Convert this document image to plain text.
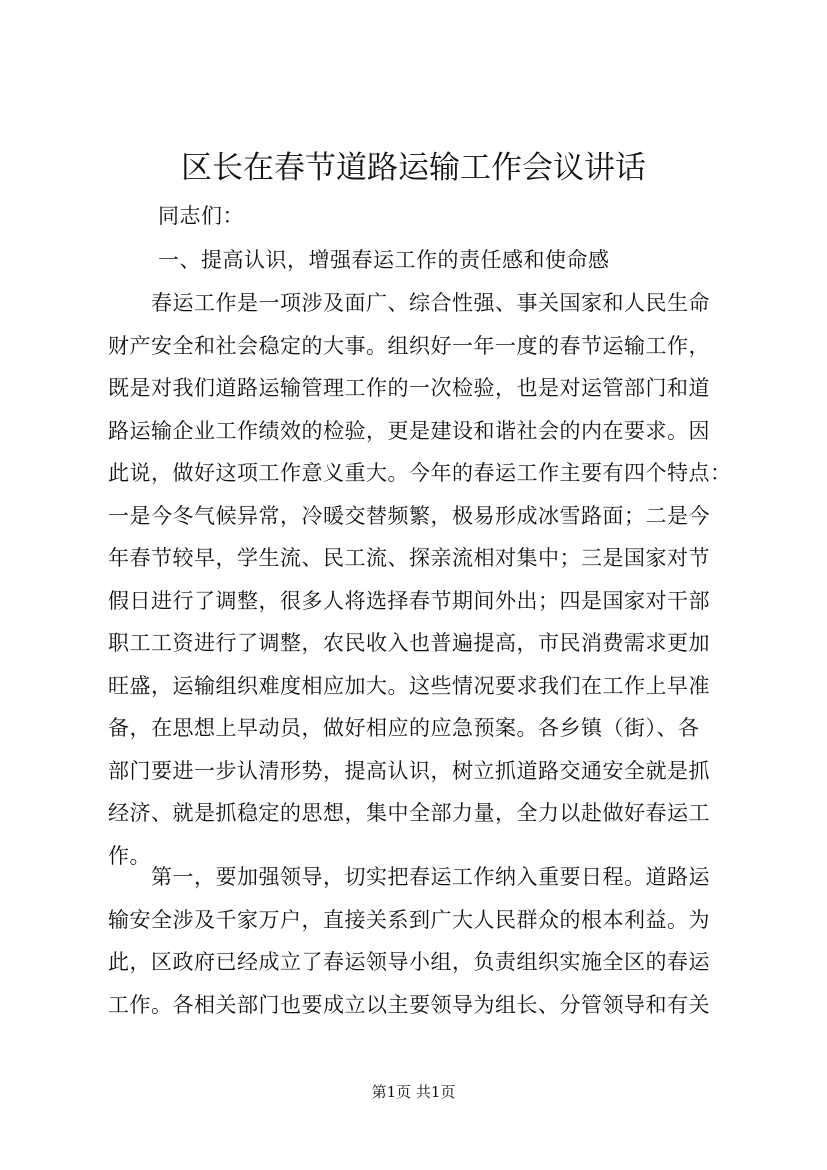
区长在春节道路运输工作会议讲话
同志们：
一、提高认识，增强春运工作的责任感和使命感
　　春运工作是一项涉及面广、综合性强、事关国家和人民生命
财产安全和社会稳定的大事。组织好一年一度的春节运输工作，
既是对我们道路运输管理工作的一次检验，也是对运管部门和道
路运输企业工作绩效的检验，更是建设和谐社会的内在要求。因
此说，做好这项工作意义重大。今年的春运工作主要有四个特点：
一是今冬气候异常，冷暖交替频繁，极易形成冰雪路面；二是今
年春节较早，学生流、民工流、探亲流相对集中；三是国家对节
假日进行了调整，很多人将选择春节期间外出；四是国家对干部
职工工资进行了调整，农民收入也普遍提高，市民消费需求更加
旺盛，运输组织难度相应加大。这些情况要求我们在工作上早准
备，在思想上早动员，做好相应的应急预案。各乡镇（街）、各
部门要进一步认清形势，提高认识，树立抓道路交通安全就是抓
经济、就是抓稳定的思想，集中全部力量，全力以赴做好春运工
作。
　　第一，要加强领导，切实把春运工作纳入重要日程。道路运
输安全涉及千家万户，直接关系到广大人民群众的根本利益。为
此，区政府已经成立了春运领导小组，负责组织实施全区的春运
工作。各相关部门也要成立以主要领导为组长、分管领导和有关
第1页 共1页
